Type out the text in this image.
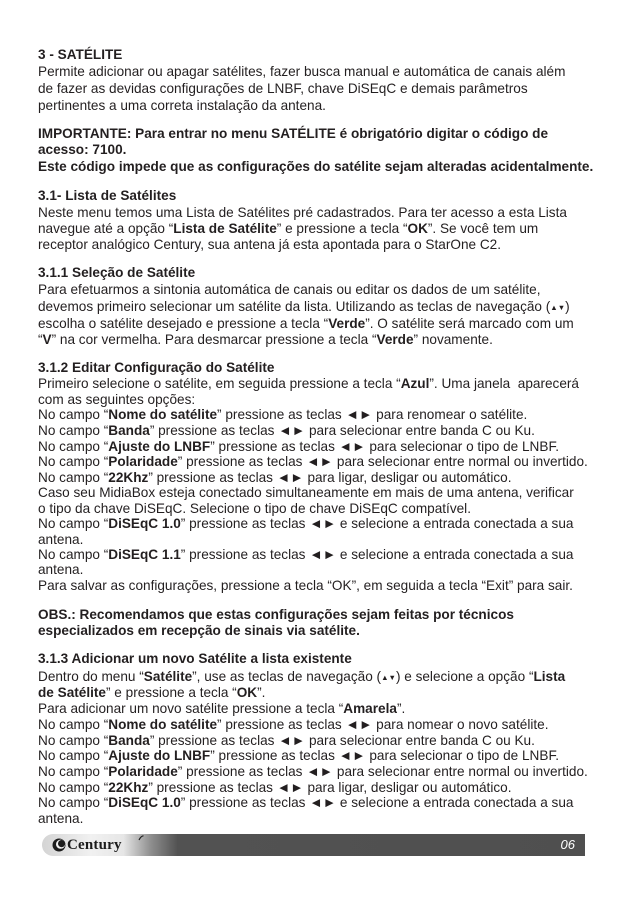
3 - SATÉLITE
Permite adicionar ou apagar satélites, fazer busca manual e automática de canais além
de fazer as devidas configurações de LNBF, chave DiSEqC e demais parâmetros
pertinentes a uma correta instalação da antena.
IMPORTANTE: Para entrar no menu SATÉLITE é obrigatório digitar o código de
acesso: 7100.
Este código impede que as configurações do satélite sejam alteradas acidentalmente.
3.1- Lista de Satélites
Neste menu temos uma Lista de Satélites pré cadastrados. Para ter acesso a esta Lista
navegue até a opção “Lista de Satélite” e pressione a tecla “OK”. Se você tem um
receptor analógico Century, sua antena já esta apontada para o StarOne C2.
3.1.1 Seleção de Satélite
Para efetuarmos a sintonia automática de canais ou editar os dados de um satélite,
devemos primeiro selecionar um satélite da lista. Utilizando as teclas de navegação (▲▼)
escolha o satélite desejado e pressione a tecla “Verde”. O satélite será marcado com um
“V” na cor vermelha. Para desmarcar pressione a tecla “Verde” novamente.
3.1.2 Editar Configuração do Satélite
Primeiro selecione o satélite, em seguida pressione a tecla “Azul”. Uma janela  aparecerá
com as seguintes opções:
No campo “Nome do satélite” pressione as teclas ◄► para renomear o satélite.
No campo “Banda” pressione as teclas ◄► para selecionar entre banda C ou Ku.
No campo “Ajuste do LNBF” pressione as teclas ◄► para selecionar o tipo de LNBF.
No campo “Polaridade” pressione as teclas ◄► para selecionar entre normal ou invertido.
No campo “22Khz” pressione as teclas ◄► para ligar, desligar ou automático.
Caso seu MidiaBox esteja conectado simultaneamente em mais de uma antena, verificar
o tipo da chave DiSEqC. Selecione o tipo de chave DiSEqC compatível.
No campo “DiSEqC 1.0” pressione as teclas ◄► e selecione a entrada conectada a sua
antena.
No campo “DiSEqC 1.1” pressione as teclas ◄► e selecione a entrada conectada a sua
antena.
Para salvar as configurações, pressione a tecla “OK”, em seguida a tecla “Exit” para sair.
OBS.: Recomendamos que estas configurações sejam feitas por técnicos
especializados em recepção de sinais via satélite.
3.1.3 Adicionar um novo Satélite a lista existente
Dentro do menu “Satélite”, use as teclas de navegação (▲▼) e selecione a opção “Lista
de Satélite” e pressione a tecla “OK”.
Para adicionar um novo satélite pressione a tecla “Amarela”.
No campo “Nome do satélite” pressione as teclas ◄► para nomear o novo satélite.
No campo “Banda” pressione as teclas ◄► para selecionar entre banda C ou Ku.
No campo “Ajuste do LNBF” pressione as teclas ◄► para selecionar o tipo de LNBF.
No campo “Polaridade” pressione as teclas ◄► para selecionar entre normal ou invertido.
No campo “22Khz” pressione as teclas ◄► para ligar, desligar ou automático.
No campo “DiSEqC 1.0” pressione as teclas ◄► e selecione a entrada conectada a sua
antena.
Century	06
